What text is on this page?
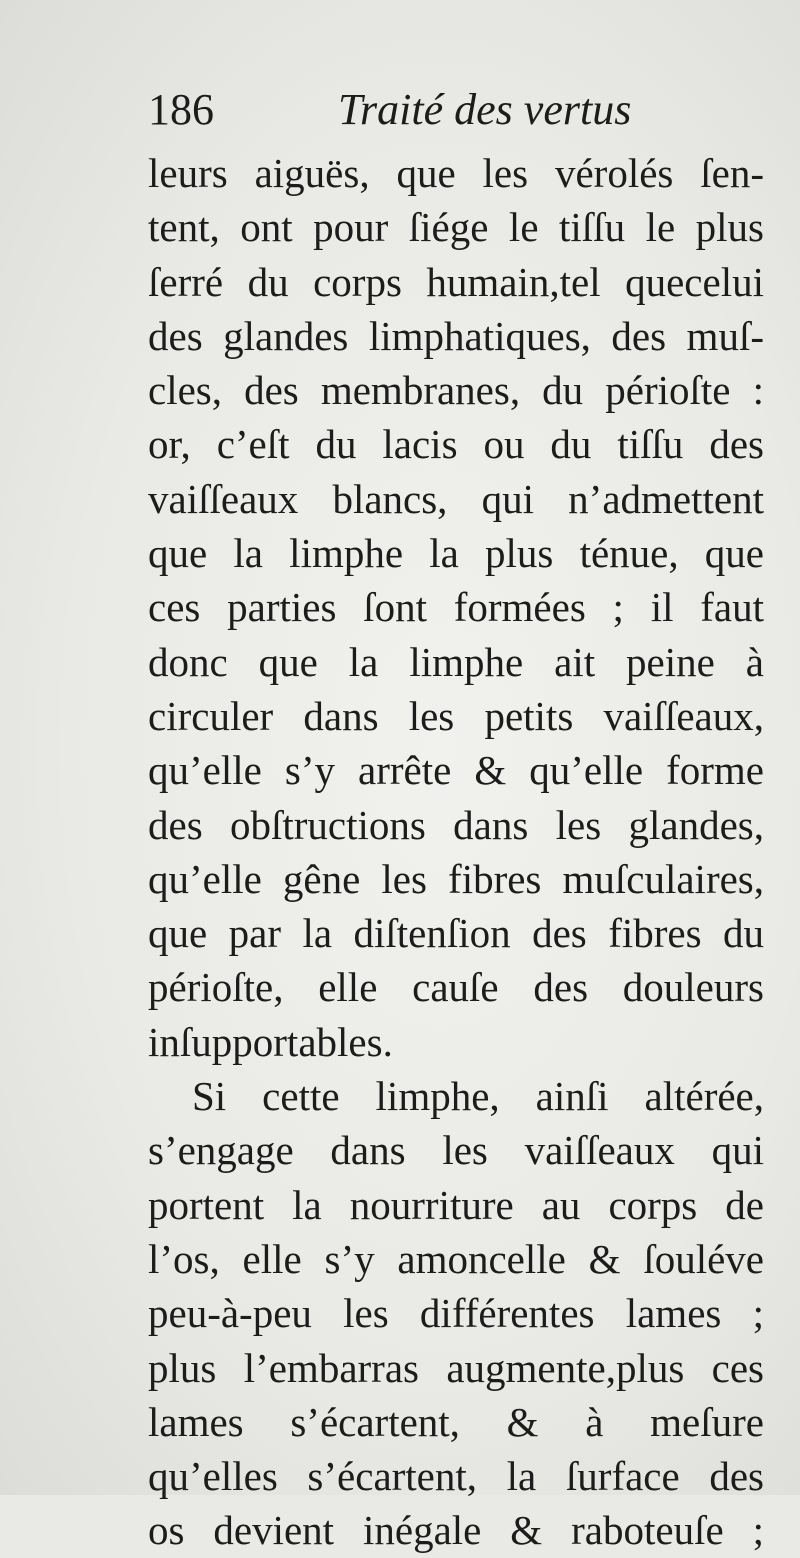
186	Traité des vertus
leurs aiguës, que les vérolés ſen-
tent, ont pour ſiége le tiſſu le plus
ſerré du corps humain,tel quecelui
des glandes limphatiques, des muſ-
cles, des membranes, du périoſte :
or, c’eſt du lacis ou du tiſſu des
vaiſſeaux blancs, qui n’admettent
que la limphe la plus ténue, que
ces parties ſont formées ; il faut
donc que la limphe ait peine à
circuler dans les petits vaiſſeaux,
qu’elle s’y arrête & qu’elle forme
des obſtructions dans les glandes,
qu’elle gêne les fibres muſculaires,
que par la diſtenſion des fibres du
périoſte, elle cauſe des douleurs
inſupportables.
Si cette limphe, ainſi altérée,
s’engage dans les vaiſſeaux qui
portent la nourriture au corps de
l’os, elle s’y amoncelle & ſouléve
peu-à-peu les différentes lames ;
plus l’embarras augmente,plus ces
lames s’écartent, & à meſure
qu’elles s’écartent, la ſurface des
os devient inégale & raboteuſe ;
